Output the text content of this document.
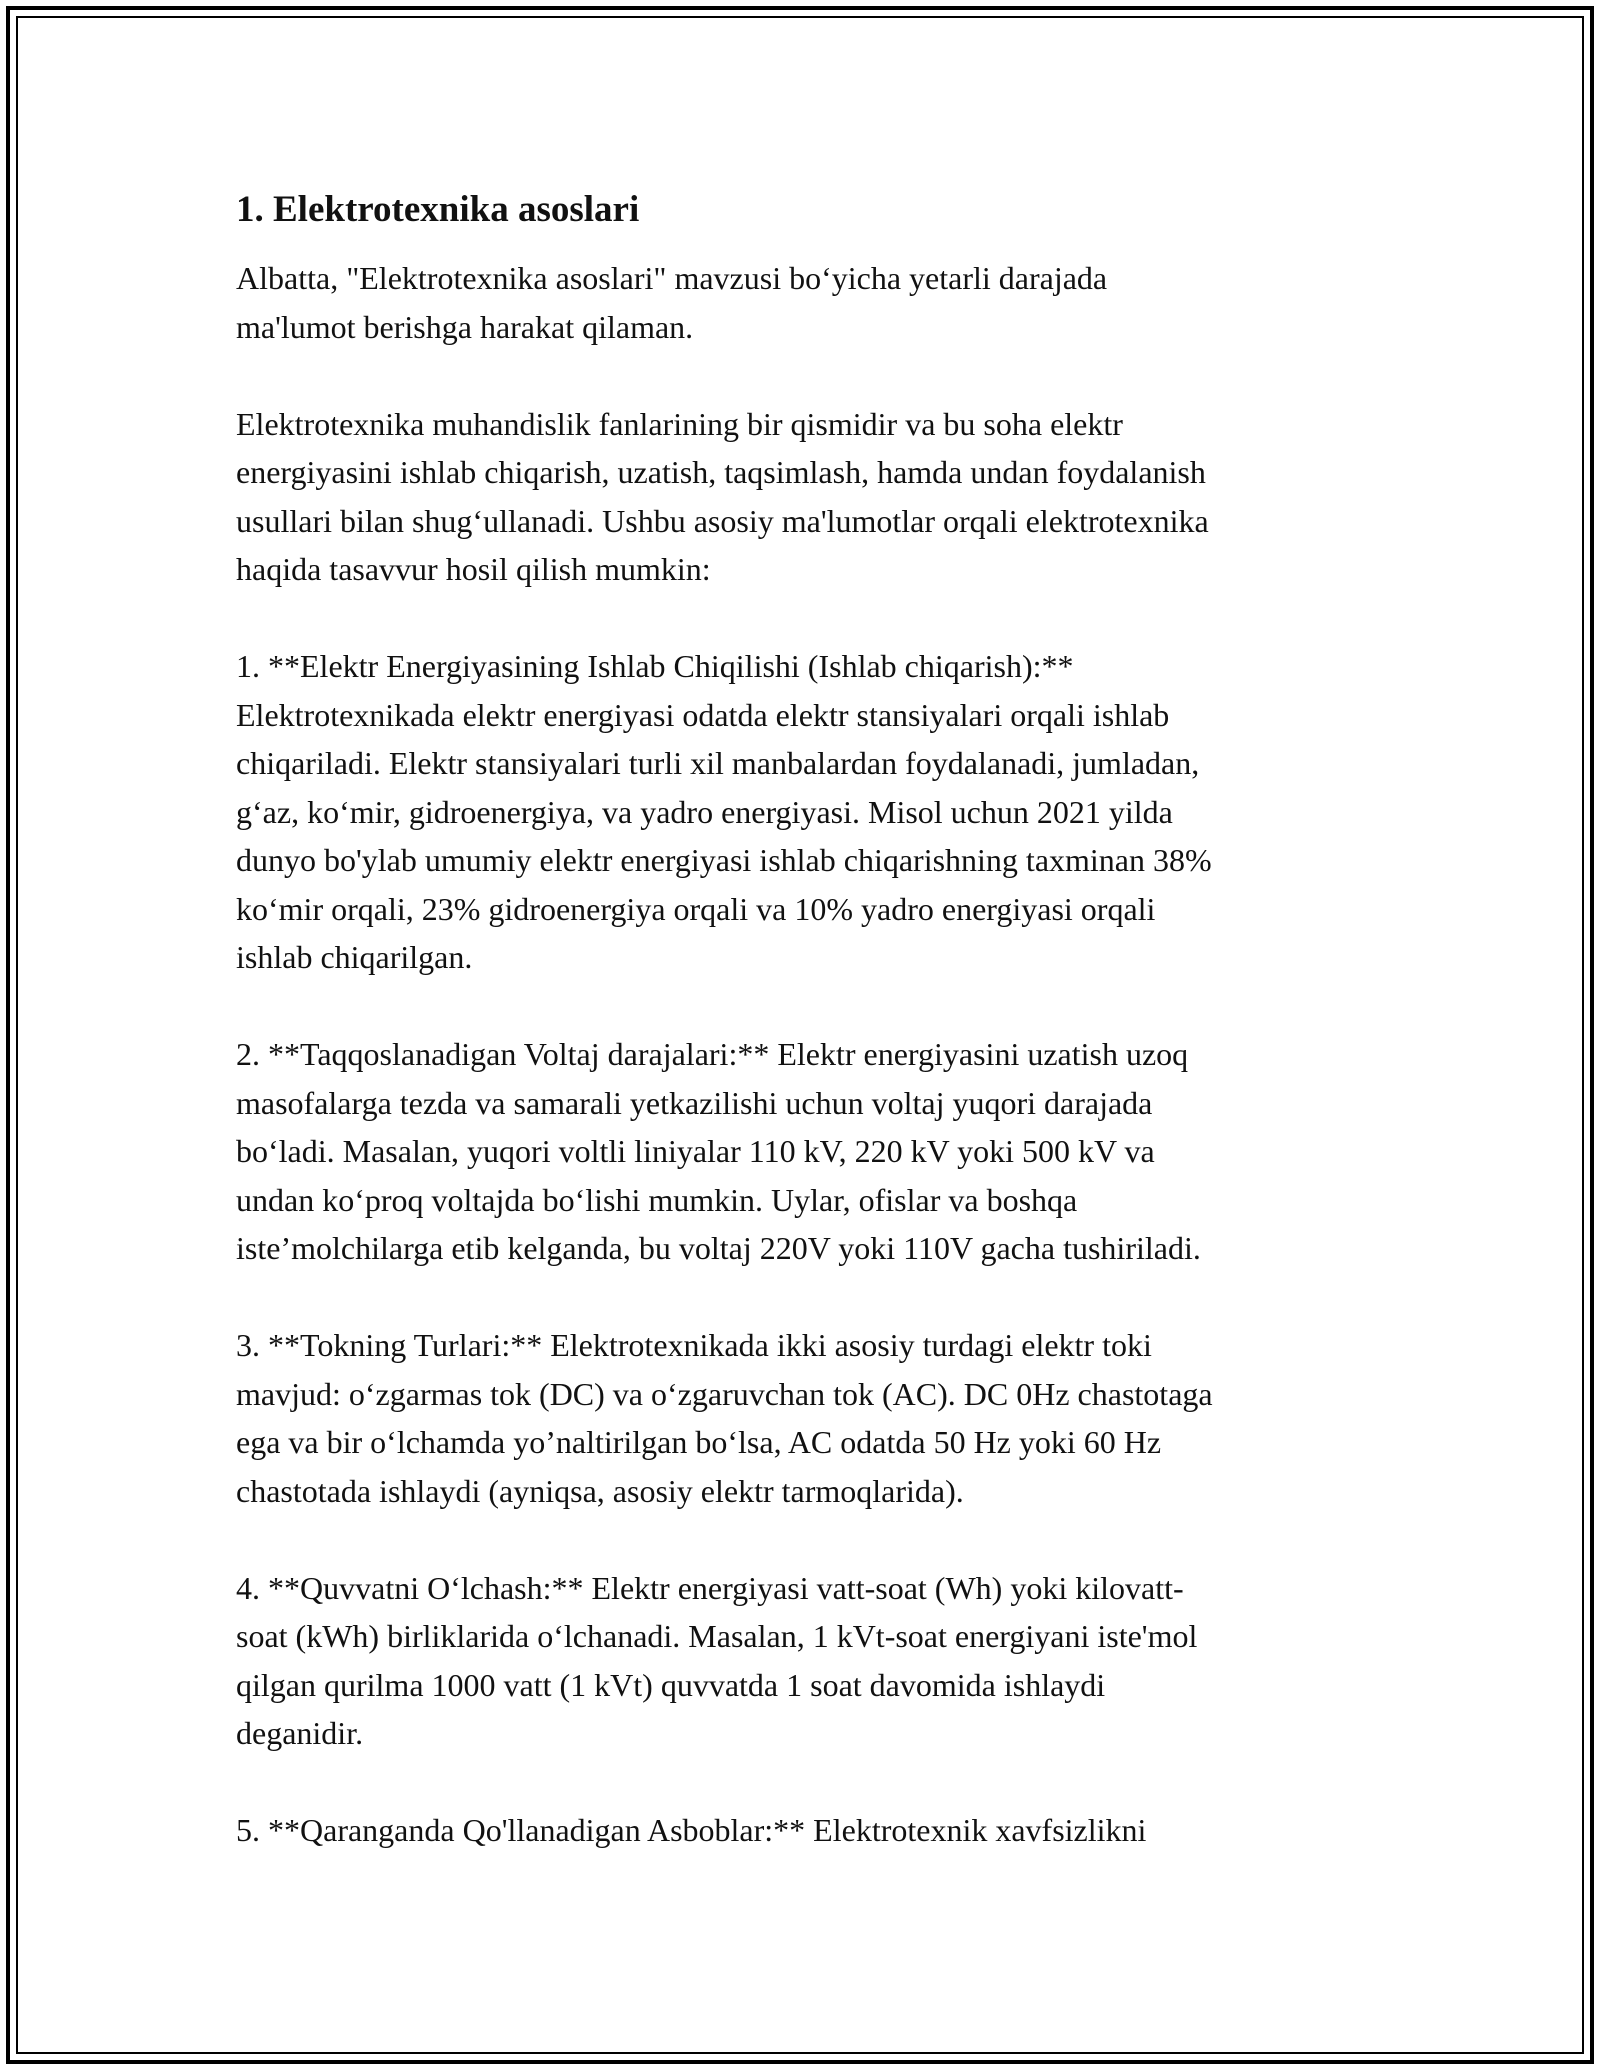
1. Elektrotexnika asoslari

Albatta, "Elektrotexnika asoslari" mavzusi bo‘yicha yetarli darajada
ma'lumot berishga harakat qilaman.

Elektrotexnika muhandislik fanlarining bir qismidir va bu soha elektr
energiyasini ishlab chiqarish, uzatish, taqsimlash, hamda undan foydalanish
usullari bilan shug‘ullanadi. Ushbu asosiy ma'lumotlar orqali elektrotexnika
haqida tasavvur hosil qilish mumkin:

1. **Elektr Energiyasining Ishlab Chiqilishi (Ishlab chiqarish):**
Elektrotexnikada elektr energiyasi odatda elektr stansiyalari orqali ishlab
chiqariladi. Elektr stansiyalari turli xil manbalardan foydalanadi, jumladan,
g‘az, ko‘mir, gidroenergiya, va yadro energiyasi. Misol uchun 2021 yilda
dunyo bo'ylab umumiy elektr energiyasi ishlab chiqarishning taxminan 38%
ko‘mir orqali, 23% gidroenergiya orqali va 10% yadro energiyasi orqali
ishlab chiqarilgan.

2. **Taqqoslanadigan Voltaj darajalari:** Elektr energiyasini uzatish uzoq
masofalarga tezda va samarali yetkazilishi uchun voltaj yuqori darajada
bo‘ladi. Masalan, yuqori voltli liniyalar 110 kV, 220 kV yoki 500 kV va
undan ko‘proq voltajda bo‘lishi mumkin. Uylar, ofislar va boshqa
iste’molchilarga etib kelganda, bu voltaj 220V yoki 110V gacha tushiriladi.

3. **Tokning Turlari:** Elektrotexnikada ikki asosiy turdagi elektr toki
mavjud: o‘zgarmas tok (DC) va o‘zgaruvchan tok (AC). DC 0Hz chastotaga
ega va bir o‘lchamda yo’naltirilgan bo‘lsa, AC odatda 50 Hz yoki 60 Hz
chastotada ishlaydi (ayniqsa, asosiy elektr tarmoqlarida).

4. **Quvvatni O‘lchash:** Elektr energiyasi vatt-soat (Wh) yoki kilovatt-
soat (kWh) birliklarida o‘lchanadi. Masalan, 1 kVt-soat energiyani iste'mol
qilgan qurilma 1000 vatt (1 kVt) quvvatda 1 soat davomida ishlaydi
deganidir.

5. **Qaranganda Qo'llanadigan Asboblar:** Elektrotexnik xavfsizlikni
